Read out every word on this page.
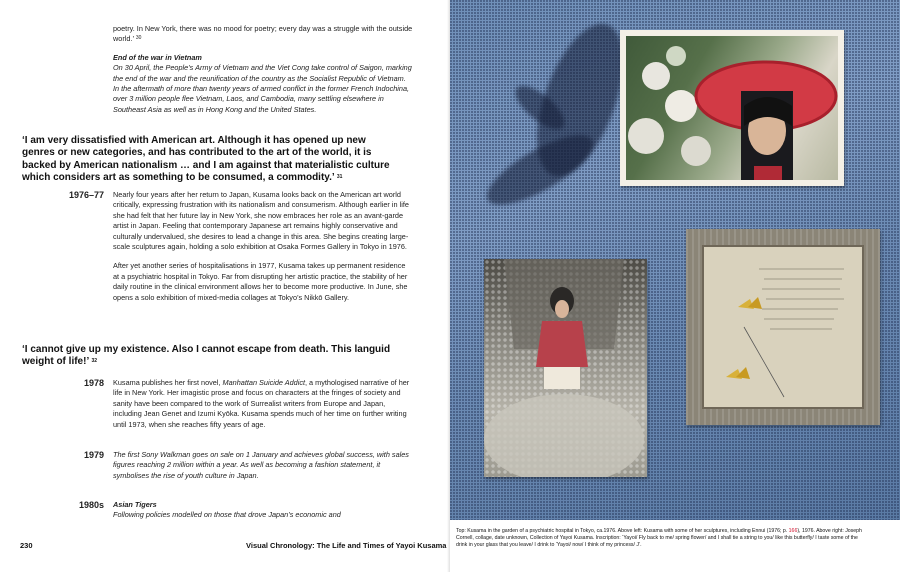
poetry. In New York, there was no mood for poetry; every day was a struggle with the outside world.’ $^{30}$
End of the war in Vietnam
On 30 April, the People’s Army of Vietnam and the Viet Cong take control of Saigon, marking the end of the war and the reunification of the country as the Socialist Republic of Vietnam. In the aftermath of more than twenty years of armed conflict in the former French Indochina, over 3 million people flee Vietnam, Laos, and Cambodia, many settling elsewhere in Southeast Asia as well as in Hong Kong and the United States.
‘I am very dissatisfied with American art. Although it has opened up new genres or new categories, and has contributed to the art of the world, it is backed by American nationalism … and I am against that materialistic culture which considers art as something to be consumed, a commodity.’ $^{31}$
1976–77 Nearly four years after her return to Japan, Kusama looks back on the American art world critically, expressing frustration with its nationalism and consumerism. Although earlier in life she had felt that her future lay in New York, she now embraces her role as an avant-garde artist in Japan. Feeling that contemporary Japanese art remains highly conservative and culturally undervalued, she desires to lead a change in this area. She begins creating large-scale sculptures again, holding a solo exhibition at Osaka Formes Gallery in Tokyo in 1976.

After yet another series of hospitalisations in 1977, Kusama takes up permanent residence at a psychiatric hospital in Tokyo. Far from disrupting her artistic practice, the stability of her daily routine in the clinical environment allows her to become more productive. In June, she opens a solo exhibition of mixed-media collages at Tokyo’s Nikkō Gallery.

‘I cannot give up my existence. Also I cannot escape from death. This languid weight of life!’ $^{32}$
1978 Kusama publishes her first novel, Manhattan Suicide Addict, a mythologised narrative of her life in New York. Her imagistic prose and focus on characters at the fringes of society and sanity have been compared to the work of Surrealist writers from Europe and Japan, including Jean Genet and Izumi Kyōka. Kusama spends much of her time on further writing until 1973, when she reaches fifty years of age.
1979 The first Sony Walkman goes on sale on 1 January and achieves global success, with sales figures reaching 2 million within a year. As well as becoming a fashion statement, it symbolises the rise of youth culture in Japan.
1980s Asian Tigers
Following policies modelled on those that drove Japan’s economic and
230	Visual Chronology: The Life and Times of Yayoi Kusama
Top: Kusama in the garden of a psychiatric hospital in Tokyo, ca.1976. Above left: Kusama with some of her sculptures, including Ennui (1976; p. 166), 1976. Above right: Joseph Cornell, collage, date unknown, Collection of Yayoi Kusama. Inscription: ‘Yayoi/ Fly back to me/ spring flower/ and I shall tie a string to you/ like this butterfly/ I taste some of the drink in your glass that you leave/ I drink to ‘Yayoi/ now/ I think of my princess/ J’.
